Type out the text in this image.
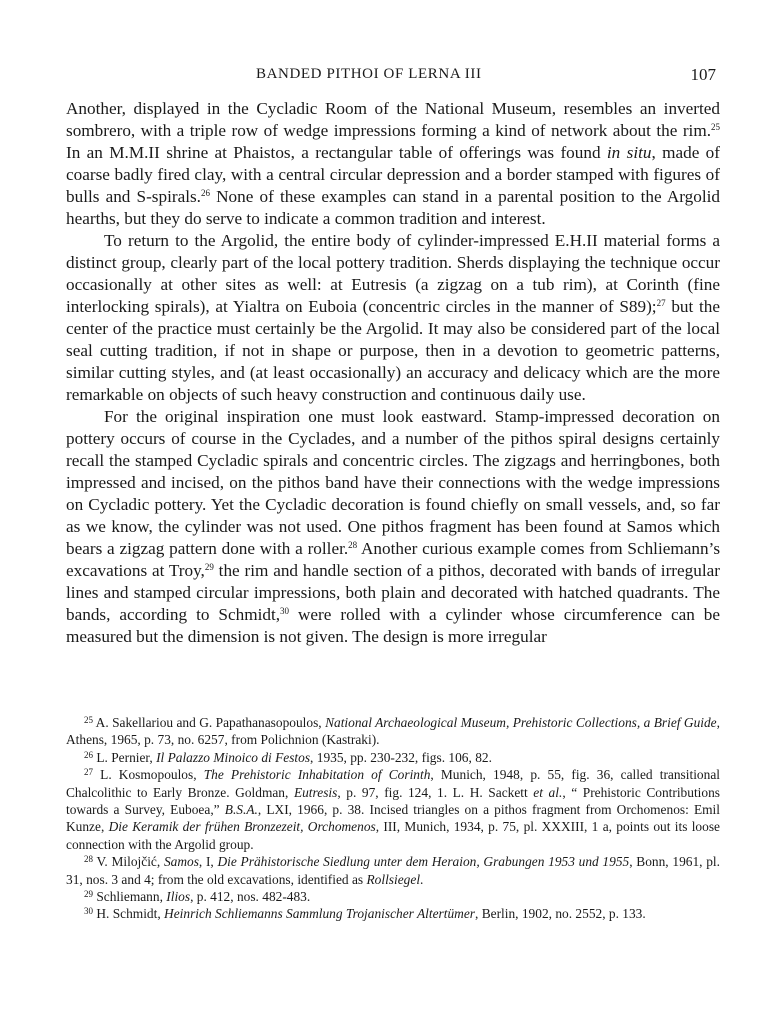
BANDED PITHOI OF LERNA III	107

Another, displayed in the Cycladic Room of the National Museum, resembles an inverted sombrero, with a triple row of wedge impressions forming a kind of network about the rim.$^{25}$ In an M.M.II shrine at Phaistos, a rectangular table of offerings was found in situ, made of coarse badly fired clay, with a central circular depression and a border stamped with figures of bulls and S-spirals.$^{26}$ None of these examples can stand in a parental position to the Argolid hearths, but they do serve to indicate a common tradition and interest.

To return to the Argolid, the entire body of cylinder-impressed E.H.II material forms a distinct group, clearly part of the local pottery tradition. Sherds displaying the technique occur occasionally at other sites as well: at Eutresis (a zigzag on a tub rim), at Corinth (fine interlocking spirals), at Yialtra on Euboia (concentric circles in the manner of S89);$^{27}$ but the center of the practice must certainly be the Argolid. It may also be considered part of the local seal cutting tradition, if not in shape or purpose, then in a devotion to geometric patterns, similar cutting styles, and (at least occasionally) an accuracy and delicacy which are the more remarkable on objects of such heavy construction and continuous daily use.

For the original inspiration one must look eastward. Stamp-impressed decoration on pottery occurs of course in the Cyclades, and a number of the pithos spiral designs certainly recall the stamped Cycladic spirals and concentric circles. The zigzags and herringbones, both impressed and incised, on the pithos band have their connections with the wedge impressions on Cycladic pottery. Yet the Cycladic decoration is found chiefly on small vessels, and, so far as we know, the cylinder was not used. One pithos fragment has been found at Samos which bears a zigzag pattern done with a roller.$^{28}$ Another curious example comes from Schliemann’s excavations at Troy,$^{29}$ the rim and handle section of a pithos, decorated with bands of irregular lines and stamped circular impressions, both plain and decorated with hatched quadrants. The bands, according to Schmidt,$^{30}$ were rolled with a cylinder whose circumference can be measured but the dimension is not given. The design is more irregular

$^{25}$ A. Sakellariou and G. Papathanasopoulos, National Archaeological Museum, Prehistoric Collections, a Brief Guide, Athens, 1965, p. 73, no. 6257, from Polichnion (Kastraki).

$^{26}$ L. Pernier, Il Palazzo Minoico di Festos, 1935, pp. 230-232, figs. 106, 82.

$^{27}$ L. Kosmopoulos, The Prehistoric Inhabitation of Corinth, Munich, 1948, p. 55, fig. 36, called transitional Chalcolithic to Early Bronze. Goldman, Eutresis, p. 97, fig. 124, 1. L. H. Sackett et al., “ Prehistoric Contributions towards a Survey, Euboea,” B.S.A., LXI, 1966, p. 38. Incised triangles on a pithos fragment from Orchomenos: Emil Kunze, Die Keramik der frühen Bronzezeit, Orchomenos, III, Munich, 1934, p. 75, pl. XXXIII, 1 a, points out its loose connection with the Argolid group.

$^{28}$ V. Milojčić, Samos, I, Die Prähistorische Siedlung unter dem Heraion, Grabungen 1953 und 1955, Bonn, 1961, pl. 31, nos. 3 and 4; from the old excavations, identified as Rollsiegel.

$^{29}$ Schliemann, Ilios, p. 412, nos. 482-483.

$^{30}$ H. Schmidt, Heinrich Schliemanns Sammlung Trojanischer Altertümer, Berlin, 1902, no. 2552, p. 133.
